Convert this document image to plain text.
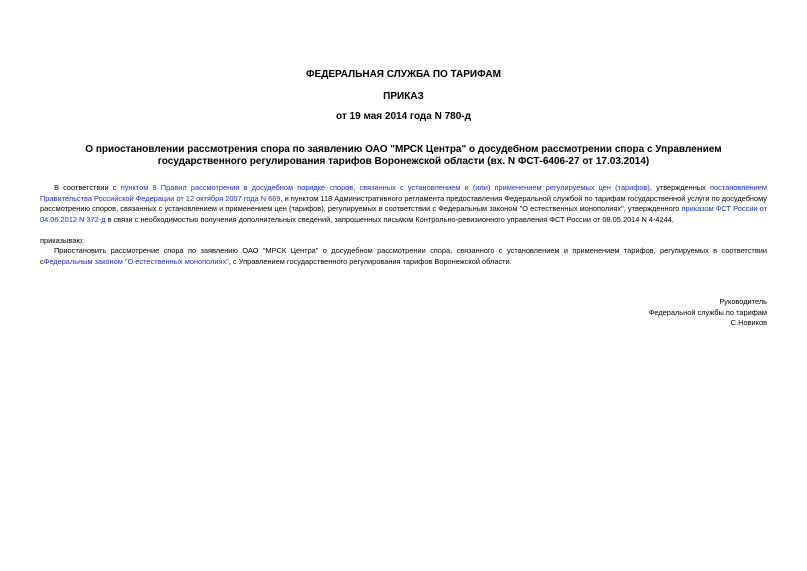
ФЕДЕРАЛЬНАЯ СЛУЖБА ПО ТАРИФАМ
ПРИКАЗ
от 19 мая 2014 года N 780-д
О приостановлении рассмотрения спора по заявлению ОАО "МРСК Центра" о досудебном рассмотрении спора с Управлением государственного регулирования тарифов Воронежской области (вх. N ФСТ-6406-27 от 17.03.2014)
В соответствии с пунктом 9 Правил рассмотрения в досудебном порядке споров, связанных с установлением и (или) применением регулируемых цен (тарифов), утвержденных постановлением Правительства Российской Федерации от 12 октября 2007 года N 669, и пунктом 118 Административного регламента предоставления Федеральной службой по тарифам государственной услуги по досудебному рассмотрению споров, связанных с установлением и применением цен (тарифов), регулируемых в соответствии с Федеральным законом "О естественных монополиях", утвержденного приказом ФСТ России от 04.06.2012 N 372-д в связи с необходимостью получения дополнительных сведений, запрошенных письмом Контрольно-ревизионного управления ФСТ России от 08.05.2014 N 4-4244,
приказываю:
Приостановить рассмотрение спора по заявлению ОАО "МРСК Центра" о досудебном рассмотрении спора, связанного с установлением и применением тарифов, регулируемых в соответствии сФедеральным законом "О естественных монополиях", с Управлением государственного регулирования тарифов Воронежской области.
Руководитель
Федеральной службы по тарифам
С.Новиков
